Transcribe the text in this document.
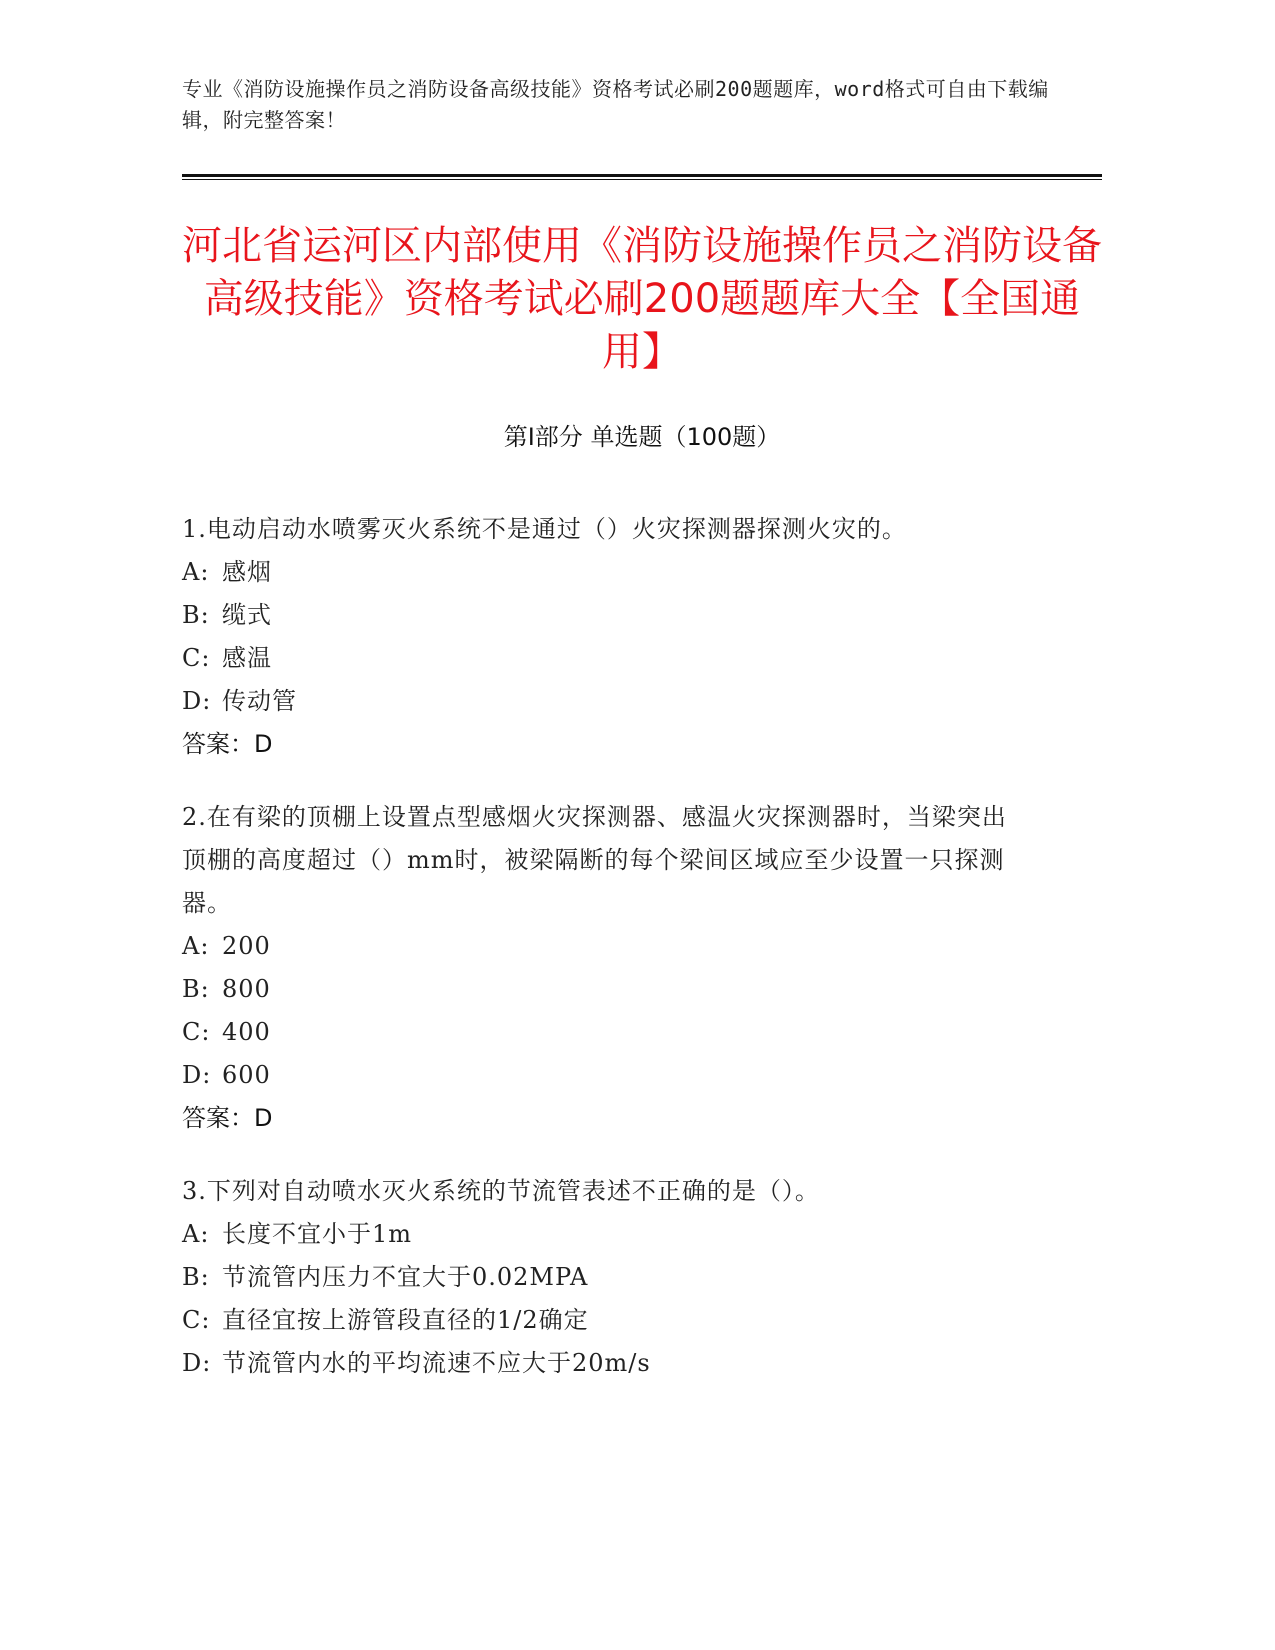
专业《消防设施操作员之消防设备高级技能》资格考试必刷200题题库，word格式可自由下载编辑，附完整答案！
河北省运河区内部使用《消防设施操作员之消防设备高级技能》资格考试必刷200题题库大全【全国通用】
第I部分 单选题（100题）
1.电动启动水喷雾灭火系统不是通过（）火灾探测器探测火灾的。
A: 感烟
B: 缆式
C: 感温
D: 传动管
答案：D
2.在有梁的顶棚上设置点型感烟火灾探测器、感温火灾探测器时，当梁突出顶棚的高度超过（）mm时，被梁隔断的每个梁间区域应至少设置一只探测器。
A: 200
B: 800
C: 400
D: 600
答案：D
3.下列对自动喷水灭火系统的节流管表述不正确的是（）。
A: 长度不宜小于1m
B: 节流管内压力不宜大于0.02MPA
C: 直径宜按上游管段直径的1/2确定
D: 节流管内水的平均流速不应大于20m/s
